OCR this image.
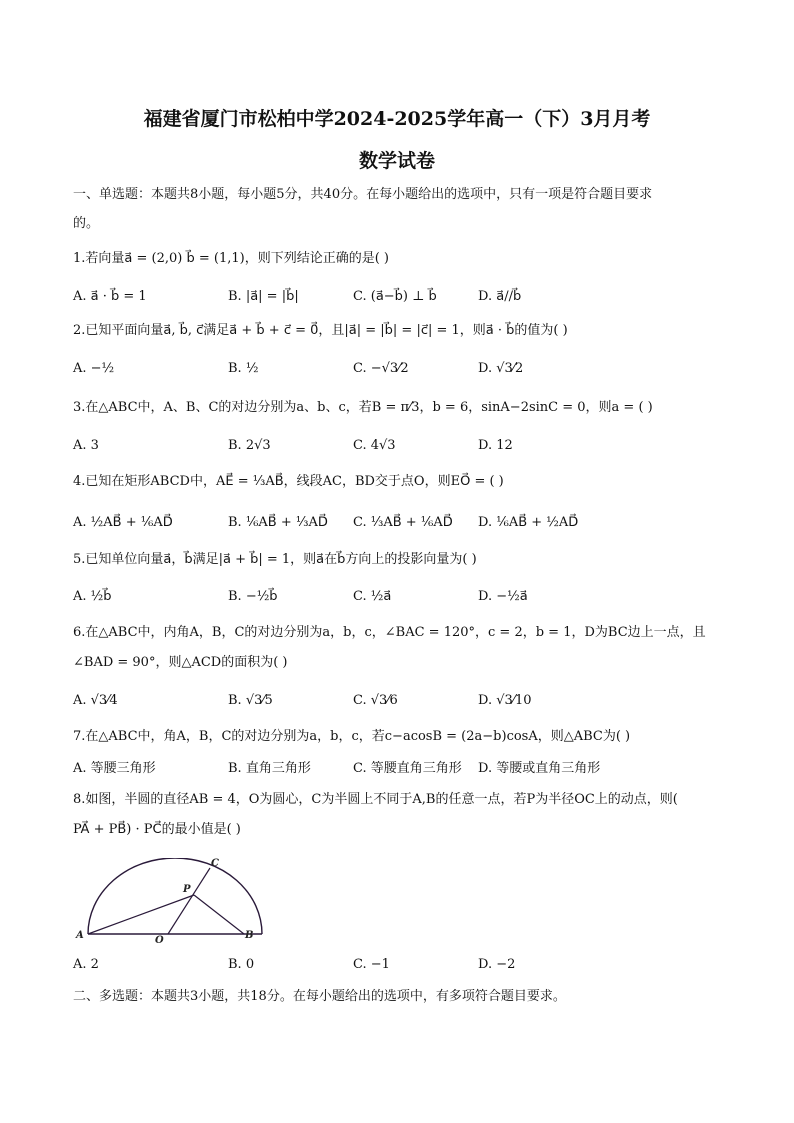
福建省厦门市松柏中学2024-2025学年高一（下）3月月考
数学试卷
一、单选题：本题共8小题，每小题5分，共40分。在每小题给出的选项中，只有一项是符合题目要求
的。
1.若向量a⃗ = (2,0) b⃗ = (1,1)，则下列结论正确的是( )
A. a⃗ · b⃗ = 1	B. |a⃗| = |b⃗|	C. (a⃗−b⃗) ⊥ b⃗	D. a⃗//b⃗
2.已知平面向量a⃗, b⃗, c⃗满足a⃗ + b⃗ + c⃗ = 0⃗，且|a⃗| = |b⃗| = |c⃗| = 1，则a⃗ · b⃗的值为( )
A. −½	B. ½	C. −√3⁄2	D. √3⁄2
3.在△ABC中，A、B、C的对边分别为a、b、c，若B = π⁄3，b = 6，sinA−2sinC = 0，则a = ( )
A. 3	B. 2√3	C. 4√3	D. 12
4.已知在矩形ABCD中，AE⃗ = ⅓AB⃗，线段AC，BD交于点O，则EO⃗ = ( )
A. ½AB⃗ + ⅙AD⃗	B. ⅙AB⃗ + ⅓AD⃗ C. ⅓AB⃗ + ⅙AD⃗ D. ⅙AB⃗ + ½AD⃗
5.已知单位向量a⃗，b⃗满足|a⃗ + b⃗| = 1，则a⃗在b⃗方向上的投影向量为( )
A. ½b⃗	B. −½b⃗	C. ½a⃗	D. −½a⃗
6.在△ABC中，内角A，B，C的对边分别为a，b，c，∠BAC = 120°，c = 2，b = 1，D为BC边上一点，且
∠BAD = 90°，则△ACD的面积为( )
A. √3⁄4	B. √3⁄5	C. √3⁄6	D. √3⁄10
7.在△ABC中，角A，B，C的对边分别为a，b，c，若c−acosB = (2a−b)cosA，则△ABC为( )
A. 等腰三角形	B. 直角三角形	C. 等腰直角三角形 D. 等腰或直角三角形
8.如图，半圆的直径AB = 4，O为圆心，C为半圆上不同于A,B的任意一点，若P为半径OC上的动点，则(
PA⃗ + PB⃗) · PC⃗的最小值是( )
A	B
O
P
C
A. 2	B. 0	C. −1	D. −2
二、多选题：本题共3小题，共18分。在每小题给出的选项中，有多项符合题目要求。
